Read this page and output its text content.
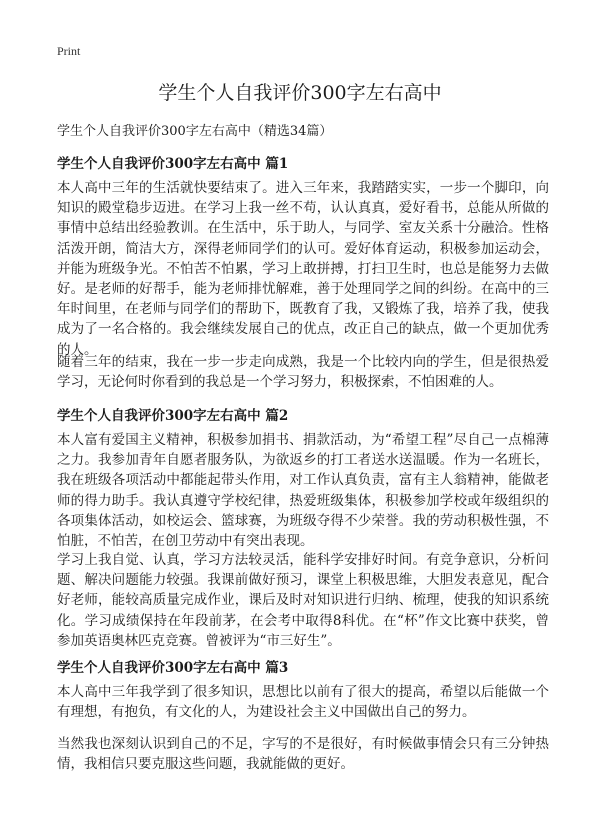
Print
学生个人自我评价300字左右高中

学生个人自我评价300字左右高中（精选34篇）

学生个人自我评价300字左右高中 篇1

本人高中三年的生活就快要结束了。进入三年来，我踏踏实实，一步一个脚印，向知识的殿堂稳步迈进。在学习上我一丝不苟，认认真真，爱好看书，总能从所做的事情中总结出经验教训。在生活中，乐于助人，与同学、室友关系十分融洽。性格活泼开朗，简洁大方，深得老师同学们的认可。爱好体育运动，积极参加运动会，并能为班级争光。不怕苦不怕累，学习上敢拼搏，打扫卫生时，也总是能努力去做好。是老师的好帮手，能为老师排忧解难，善于处理同学之间的纠纷。在高中的三年时间里，在老师与同学们的帮助下，既教育了我，又锻炼了我，培养了我，使我成为了一名合格的。我会继续发展自己的优点，改正自己的缺点，做一个更加优秀的人。

随着三年的结束，我在一步一步走向成熟，我是一个比较内向的学生，但是很热爱学习，无论何时你看到的我总是一个学习努力，积极探索，不怕困难的人。

学生个人自我评价300字左右高中 篇2

本人富有爱国主义精神，积极参加捐书、捐款活动，为“希望工程”尽自己一点棉薄之力。我参加青年自愿者服务队，为欲返乡的打工者送水送温暖。作为一名班长，我在班级各项活动中都能起带头作用，对工作认真负责，富有主人翁精神，能做老师的得力助手。我认真遵守学校纪律，热爱班级集体，积极参加学校或年级组织的各项集体活动，如校运会、篮球赛，为班级夺得不少荣誉。我的劳动积极性强，不怕脏，不怕苦，在创卫劳动中有突出表现。

学习上我自觉、认真，学习方法较灵活，能科学安排好时间。有竞争意识，分析问题、解决问题能力较强。我课前做好预习，课堂上积极思维，大胆发表意见，配合好老师，能较高质量完成作业，课后及时对知识进行归纳、梳理，使我的知识系统化。学习成绩保持在年段前茅，在会考中取得8科优。在“杯”作文比赛中获奖，曾参加英语奥林匹克竞赛。曾被评为“市三好生”。

学生个人自我评价300字左右高中 篇3

本人高中三年我学到了很多知识，思想比以前有了很大的提高，希望以后能做一个有理想，有抱负，有文化的人，为建设社会主义中国做出自己的努力。

当然我也深刻认识到自己的不足，字写的不是很好，有时候做事情会只有三分钟热情，我相信只要克服这些问题，我就能做的更好。
